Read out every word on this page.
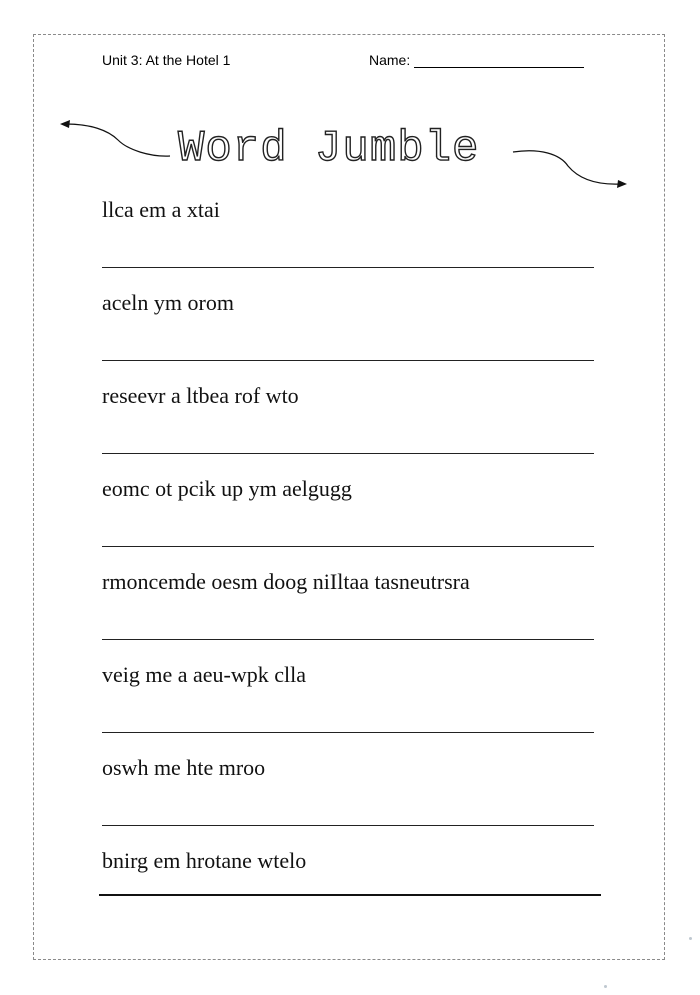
Unit 3: At the Hotel 1	Name:
Word Jumble
llca em a xtai
aceln ym orom
reseevr a ltbea rof wto
eomc ot pcik up ym aelgugg
rmoncemde oesm doog niIltaa tasneutrsra
veig me a aeu-wpk clla
oswh me hte mroo
bnirg em hrotane wtelo
